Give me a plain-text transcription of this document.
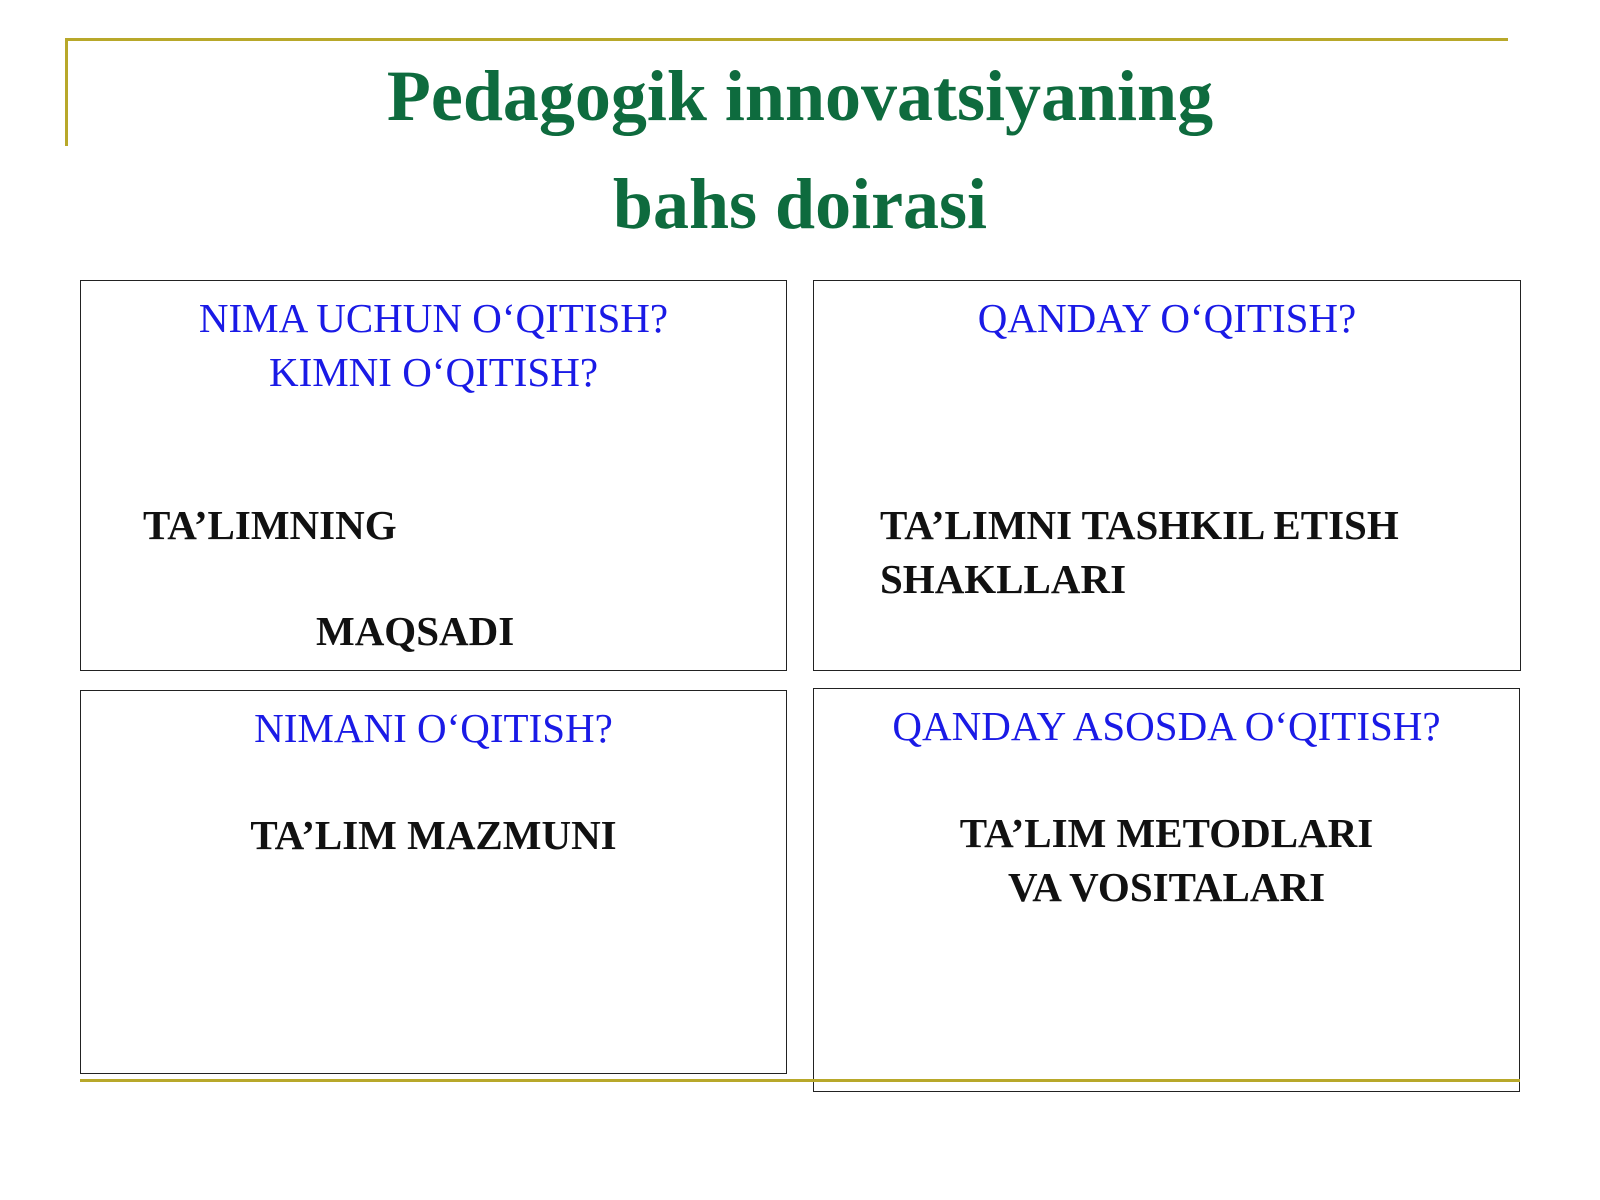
Pedagogik innovatsiyaning
bahs doirasi

NIMA UCHUN O‘QITISH?
KIMNI O‘QITISH?

TA’LIMNING

MAQSADI

QANDAY O‘QITISH?

TA’LIMNI TASHKIL ETISH
SHAKLLARI

NIMANI O‘QITISH?

TA’LIM MAZMUNI

QANDAY ASOSDA O‘QITISH?

TA’LIM METODLARI
VA VOSITALARI
